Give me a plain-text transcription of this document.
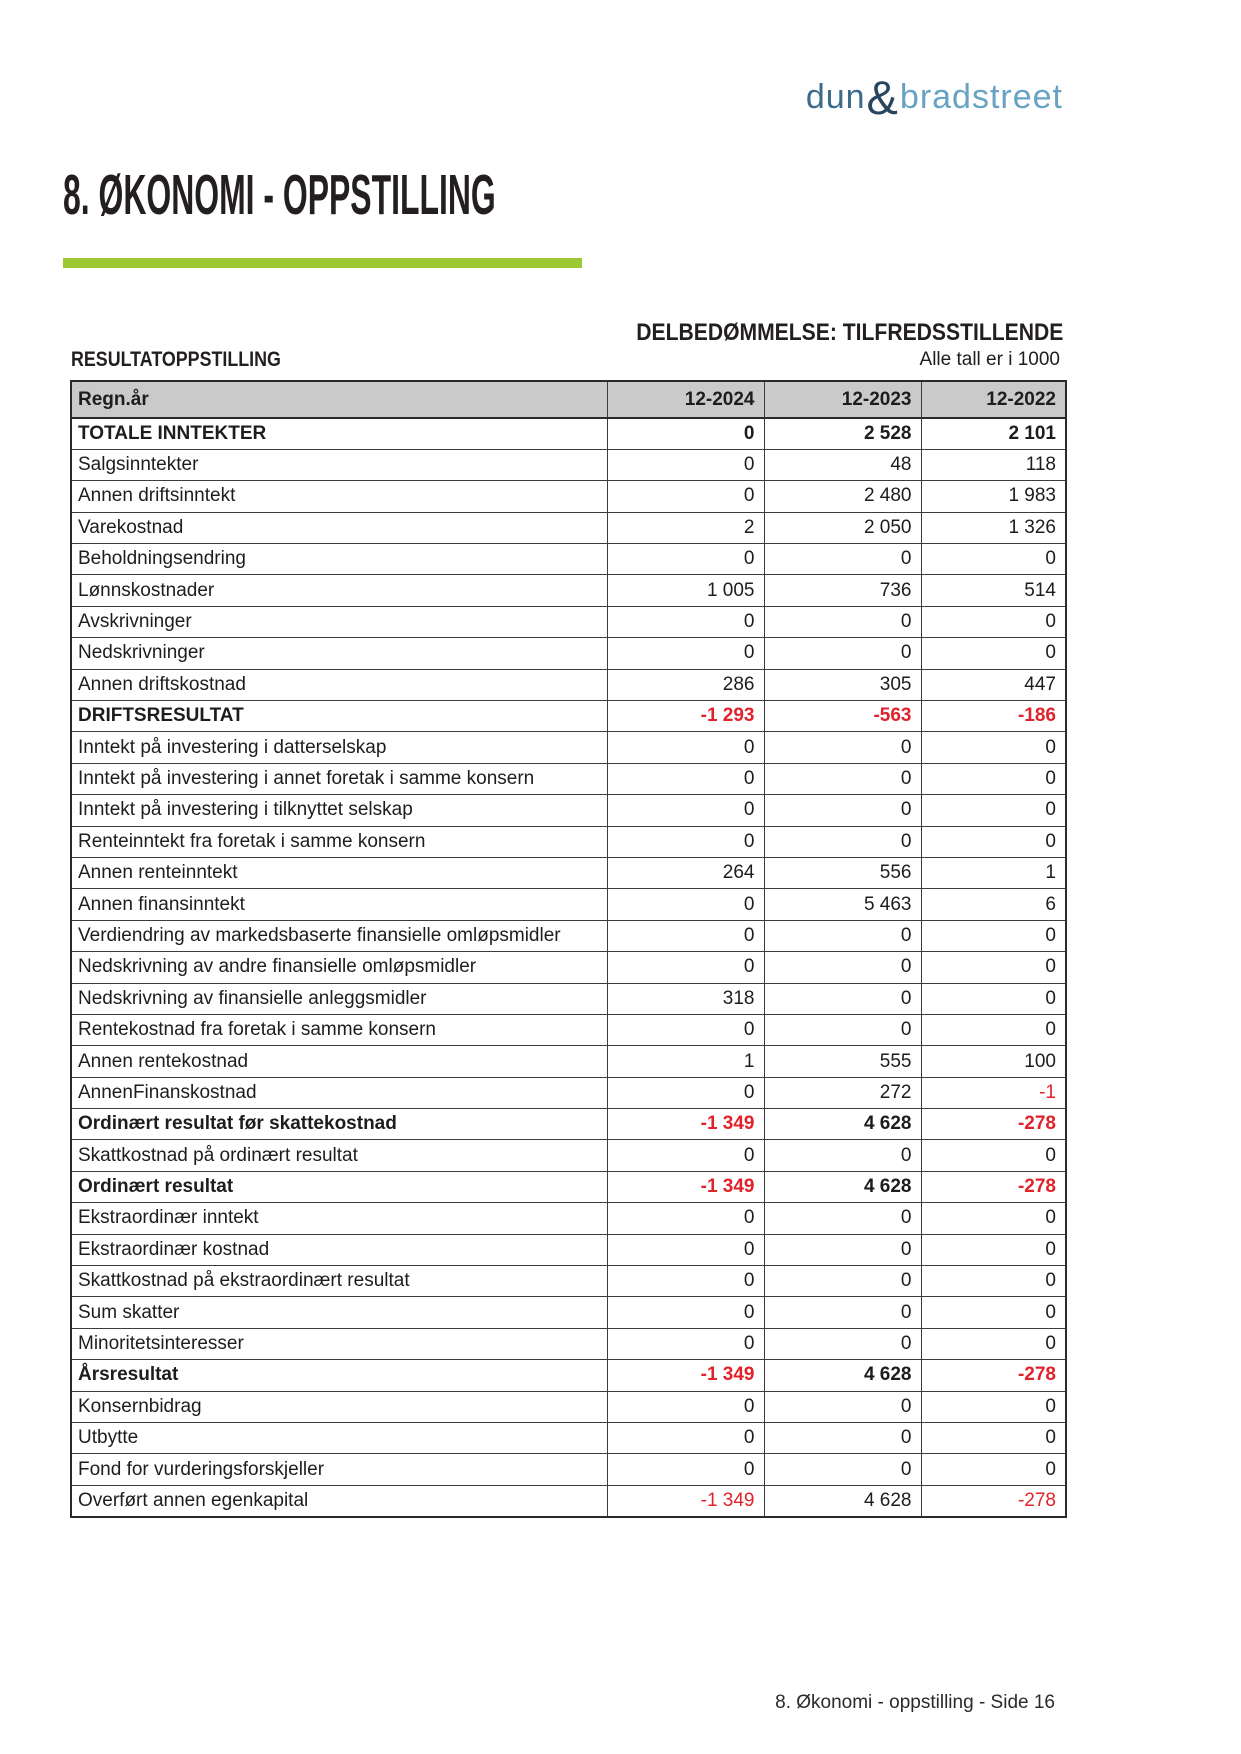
dun&bradstreet
8. ØKONOMI - OPPSTILLING
DELBEDØMMELSE: TILFREDSSTILLENDE
RESULTATOPPSTILLING	Alle tall er i 1000
Regn.år	12-2024	12-2023	12-2022
TOTALE INNTEKTER	0	2 528	2 101
Salgsinntekter	0	48	118
Annen driftsinntekt	0	2 480	1 983
Varekostnad	2	2 050	1 326
Beholdningsendring	0	0	0
Lønnskostnader	1 005	736	514
Avskrivninger	0	0	0
Nedskrivninger	0	0	0
Annen driftskostnad	286	305	447
DRIFTSRESULTAT	-1 293	-563	-186
Inntekt på investering i datterselskap	0	0	0
Inntekt på investering i annet foretak i samme konsern	0	0	0
Inntekt på investering i tilknyttet selskap	0	0	0
Renteinntekt fra foretak i samme konsern	0	0	0
Annen renteinntekt	264	556	1
Annen finansinntekt	0	5 463	6
Verdiendring av markedsbaserte finansielle omløpsmidler	0	0	0
Nedskrivning av andre finansielle omløpsmidler	0	0	0
Nedskrivning av finansielle anleggsmidler	318	0	0
Rentekostnad fra foretak i samme konsern	0	0	0
Annen rentekostnad	1	555	100
AnnenFinanskostnad	0	272	-1
Ordinært resultat før skattekostnad	-1 349	4 628	-278
Skattkostnad på ordinært resultat	0	0	0
Ordinært resultat	-1 349	4 628	-278
Ekstraordinær inntekt	0	0	0
Ekstraordinær kostnad	0	0	0
Skattkostnad på ekstraordinært resultat	0	0	0
Sum skatter	0	0	0
Minoritetsinteresser	0	0	0
Årsresultat	-1 349	4 628	-278
Konsernbidrag	0	0	0
Utbytte	0	0	0
Fond for vurderingsforskjeller	0	0	0
Overført annen egenkapital	-1 349	4 628	-278
8. Økonomi - oppstilling - Side 16
